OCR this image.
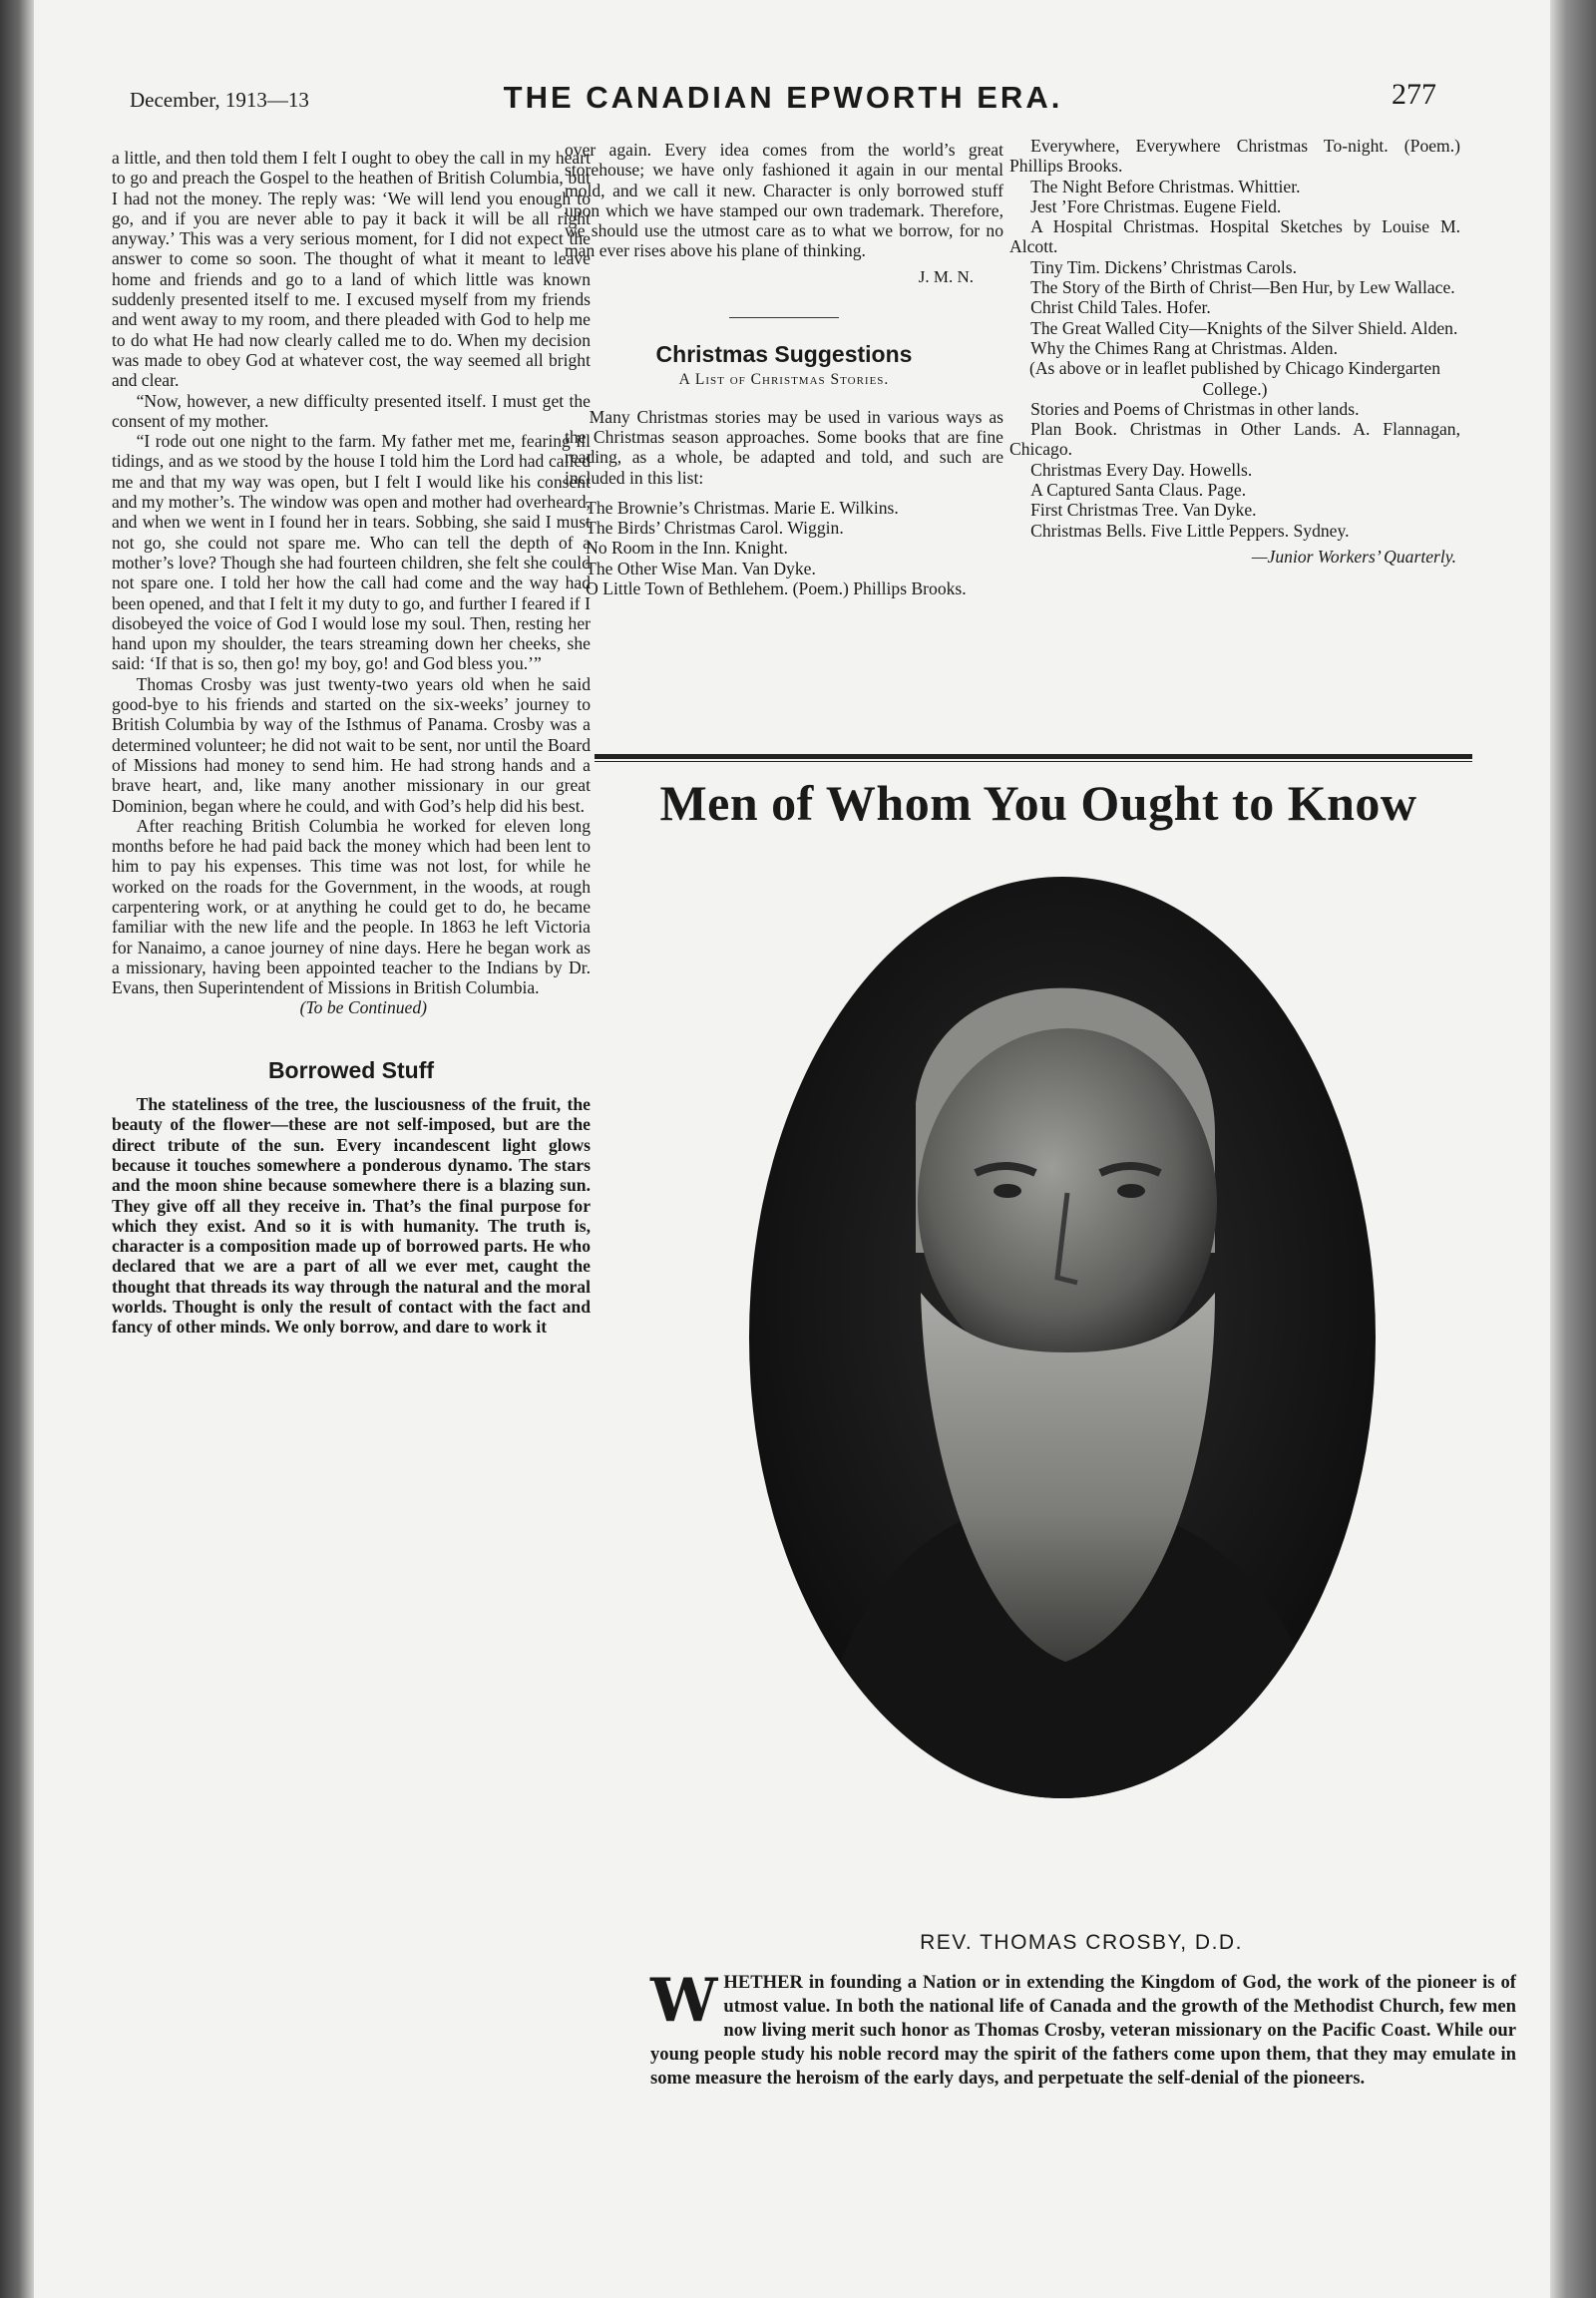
December, 1913—13	THE CANADIAN EPWORTH ERA.	277

a little, and then told them I felt I ought to obey the call in my heart to go and preach the Gospel to the heathen of British Columbia, but I had not the money. The reply was: ‘We will lend you enough to go, and if you are never able to pay it back it will be all right anyway.’ This was a very serious moment, for I did not expect the answer to come so soon. The thought of what it meant to leave home and friends and go to a land of which little was known suddenly presented itself to me. I excused myself from my friends and went away to my room, and there pleaded with God to help me to do what He had now clearly called me to do. When my decision was made to obey God at whatever cost, the way seemed all bright and clear.

“Now, however, a new difficulty presented itself. I must get the consent of my mother.

“I rode out one night to the farm. My father met me, fearing ill tidings, and as we stood by the house I told him the Lord had called me and that my way was open, but I felt I would like his consent and my mother’s. The window was open and mother had overheard, and when we went in I found her in tears. Sobbing, she said I must not go, she could not spare me. Who can tell the depth of a mother’s love? Though she had fourteen children, she felt she could not spare one. I told her how the call had come and the way had been opened, and that I felt it my duty to go, and further I feared if I disobeyed the voice of God I would lose my soul. Then, resting her hand upon my shoulder, the tears streaming down her cheeks, she said: ‘If that is so, then go! my boy, go! and God bless you.’”

Thomas Crosby was just twenty-two years old when he said good-bye to his friends and started on the six-weeks’ journey to British Columbia by way of the Isthmus of Panama. Crosby was a determined volunteer; he did not wait to be sent, nor until the Board of Missions had money to send him. He had strong hands and a brave heart, and, like many another missionary in our great Dominion, began where he could, and with God’s help did his best.

After reaching British Columbia he worked for eleven long months before he had paid back the money which had been lent to him to pay his expenses. This time was not lost, for while he worked on the roads for the Government, in the woods, at rough carpentering work, or at anything he could get to do, he became familiar with the new life and the people. In 1863 he left Victoria for Nanaimo, a canoe journey of nine days. Here he began work as a missionary, having been appointed teacher to the Indians by Dr. Evans, then Superintendent of Missions in British Columbia.

(To be Continued)

Borrowed Stuff

The stateliness of the tree, the lusciousness of the fruit, the beauty of the flower—these are not self-imposed, but are the direct tribute of the sun. Every incandescent light glows because it touches somewhere a ponderous dynamo. The stars and the moon shine because somewhere there is a blazing sun. They give off all they receive in. That’s the final purpose for which they exist. And so it is with humanity. The truth is, character is a composition made up of borrowed parts. He who declared that we are a part of all we ever met, caught the thought that threads its way through the natural and the moral worlds. Thought is only the result of contact with the fact and fancy of other minds. We only borrow, and dare to work it

over again. Every idea comes from the world’s great storehouse; we have only fashioned it again in our mental mold, and we call it new. Character is only borrowed stuff upon which we have stamped our own trademark. Therefore, we should use the utmost care as to what we borrow, for no man ever rises above his plane of thinking.

J. M. N.
Christmas Suggestions
A List of Christmas Stories.

Many Christmas stories may be used in various ways as the Christmas season approaches. Some books that are fine reading, as a whole, be adapted and told, and such are included in this list:

The Brownie’s Christmas. Marie E. Wilkins.

The Birds’ Christmas Carol. Wiggin.

No Room in the Inn. Knight.

The Other Wise Man. Van Dyke.

O Little Town of Bethlehem. (Poem.) Phillips Brooks.

Everywhere, Everywhere Christmas To-night. (Poem.) Phillips Brooks.

The Night Before Christmas. Whittier.

Jest ’Fore Christmas. Eugene Field.

A Hospital Christmas. Hospital Sketches by Louise M. Alcott.

Tiny Tim. Dickens’ Christmas Carols.

The Story of the Birth of Christ—Ben Hur, by Lew Wallace.

Christ Child Tales. Hofer.

The Great Walled City—Knights of the Silver Shield. Alden.

Why the Chimes Rang at Christmas. Alden.

(As above or in leaflet published by Chicago Kindergarten College.)

Stories and Poems of Christmas in other lands.

Plan Book. Christmas in Other Lands. A. Flannagan, Chicago.

Christmas Every Day. Howells.

A Captured Santa Claus. Page.

First Christmas Tree. Van Dyke.

Christmas Bells. Five Little Peppers. Sydney.

—Junior Workers’ Quarterly.
Men of Whom You Ought to Know
REV. THOMAS CROSBY, D.D.
W HETHER in founding a Nation or in extending the Kingdom of God, the work of the pioneer is of utmost value. In both the national life of Canada and the growth of the Methodist Church, few men now living merit such honor as Thomas Crosby, veteran missionary on the Pacific Coast. While our young people study his noble record may the spirit of the fathers come upon them, that they may emulate in some measure the heroism of the early days, and perpetuate the self-denial of the pioneers.
